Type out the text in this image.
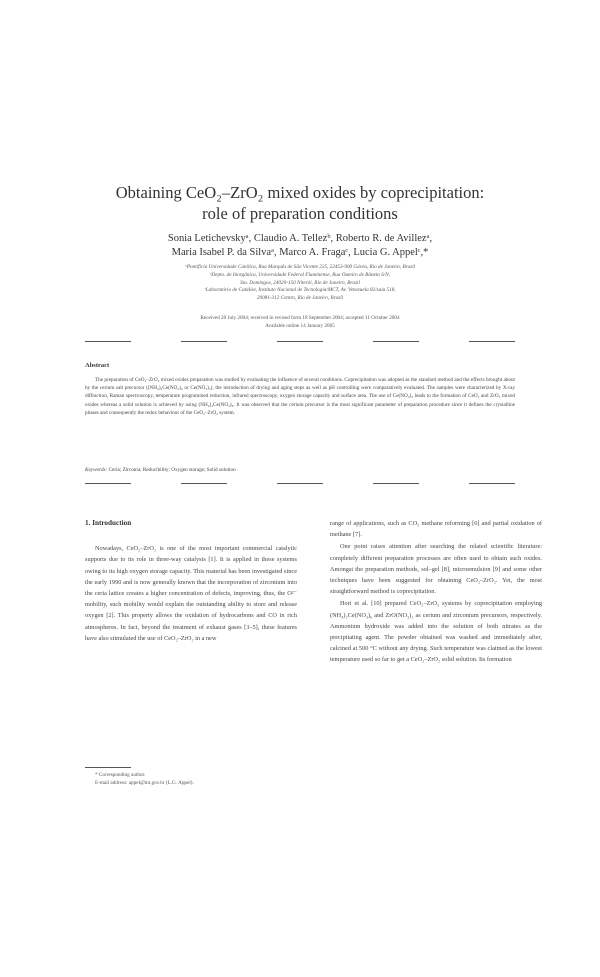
Obtaining CeO₂–ZrO₂ mixed oxides by coprecipitation:
role of preparation conditions
Sonia Letichevskyᵃ, Claudio A. Tellezᵇ, Roberto R. de Avillezᵃ,
Maria Isabel P. da Silvaᵃ, Marco A. Fragaᶜ, Lucia G. Appelᶜ,*
ᵃPontifícia Universidade Católica, Rua Marquês de São Vicente 225, 22453-900 Gávea, Rio de Janeiro, Brazil
ᵇDepto. de Inorgânica, Universidade Federal Fluminense, Rua Outeiro de Bâneta S/N,
Sta. Domingos, 24020-150 Niterói, Rio de Janeiro, Brazil
ᶜLaboratório de Catálise, Instituto Nacional de Tecnologia/MCT, Av. Venezuela 82/sala 518,
20081-312 Centro, Rio de Janeiro, Brazil
Received 20 July 2004; received in revised form 18 September 2004; accepted 11 October 2004
Available online 14 January 2005
Abstract
The preparation of CeO₂–ZrO₂ mixed oxides preparation was studied by evaluating the influence of several conditions. Coprecipitation was adopted as the standard method and the effects brought about by the cerium salt precursor ((NH₄)₂Ce(NO₃)₆ or Ce(NO₃)₃), the introduction of drying and aging steps as well as pH controlling were comparatively evaluated. The samples were characterized by X-ray diffraction, Raman spectroscopy, temperature programmed reduction, infrared spectroscopy, oxygen storage capacity and surface area. The use of Ce(NO₃)₃ leads to the formation of CeO₂ and ZrO₂ mixed oxides whereas a solid solution is achieved by using (NH₄)₂Ce(NO₃)₆. It was observed that the cerium precursor is the most significant parameter of preparation procedure since it defines the crystalline phases and consequently the redox behaviour of the CeO₂–ZrO₂ system.
Keywords: Ceria; Zirconia; Reducibility; Oxygen storage; Solid solution
1. Introduction

Nowadays, CeO₂–ZrO₂ is one of the most important commercial catalytic supports due to its role in three-way catalysis [1]. It is applied in these systems owing to its high oxygen storage capacity. This material has been investigated since the early 1990 and is now generally known that the incorporation of zirconium into the ceria lattice creates a higher concentration of defects, improving, thus, the O²⁻ mobility, such mobility would explain the outstanding ability to store and release oxygen [2]. This property allows the oxidation of hydrocarbons and CO in rich atmospheres. In fact, beyond the treatment of exhaust gases [3–5], these features have also stimulated the use of CeO₂–ZrO₂ in a new

range of applications, such as CO₂ methane reforming [6] and partial oxidation of methane [7].

One point raises attention after searching the related scientific literature: completely different preparation processes are often used to obtain such oxides. Amongst the preparation methods, sol–gel [8], microemulsion [9] and some other techniques have been suggested for obtaining CeO₂–ZrO₂. Yet, the most straightforward method is coprecipitation.

Hori et al. [10] prepared CeO₂–ZrO₂ systems by coprecipitation employing (NH₄)₂Ce(NO₃)₆ and ZrO(NO₃)₂ as cerium and zirconium precursors, respectively. Ammonium hydroxide was added into the solution of both nitrates as the precipitating agent. The powder obtained was washed and immediately after, calcined at 500 °C without any drying. Such temperature was claimed as the lowest temperature used so far to get a CeO₂–ZrO₂ solid solution. Its formation

* Corresponding author.
E-mail address: appel@int.gov.br (L.G. Appel).
